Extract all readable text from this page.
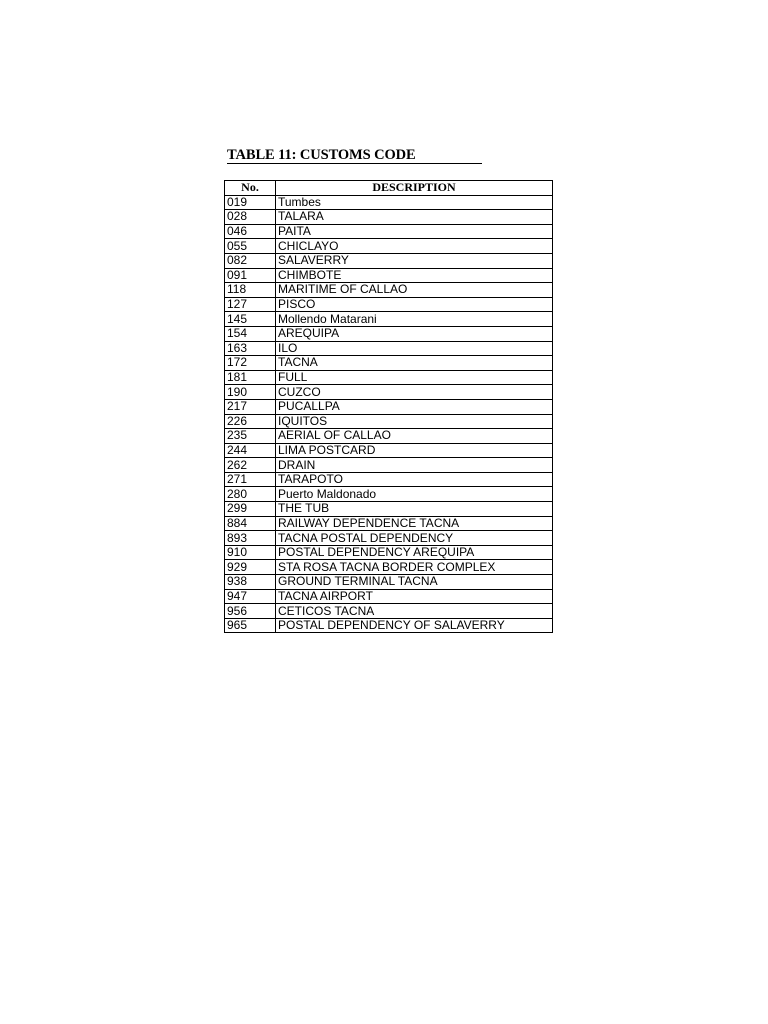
TABLE 11: CUSTOMS CODE
No.	DESCRIPTION
019	Tumbes
028	TALARA
046	PAITA
055	CHICLAYO
082	SALAVERRY
091	CHIMBOTE
118	MARITIME OF CALLAO
127	PISCO
145	Mollendo Matarani
154	AREQUIPA
163	ILO
172	TACNA
181	FULL
190	CUZCO
217	PUCALLPA
226	IQUITOS
235	AERIAL OF CALLAO
244	LIMA POSTCARD
262	DRAIN
271	TARAPOTO
280	Puerto Maldonado
299	THE TUB
884	RAILWAY DEPENDENCE TACNA
893	TACNA POSTAL DEPENDENCY
910	POSTAL DEPENDENCY AREQUIPA
929	STA ROSA TACNA BORDER COMPLEX
938	GROUND TERMINAL TACNA
947	TACNA AIRPORT
956	CETICOS TACNA
965	POSTAL DEPENDENCY OF SALAVERRY
